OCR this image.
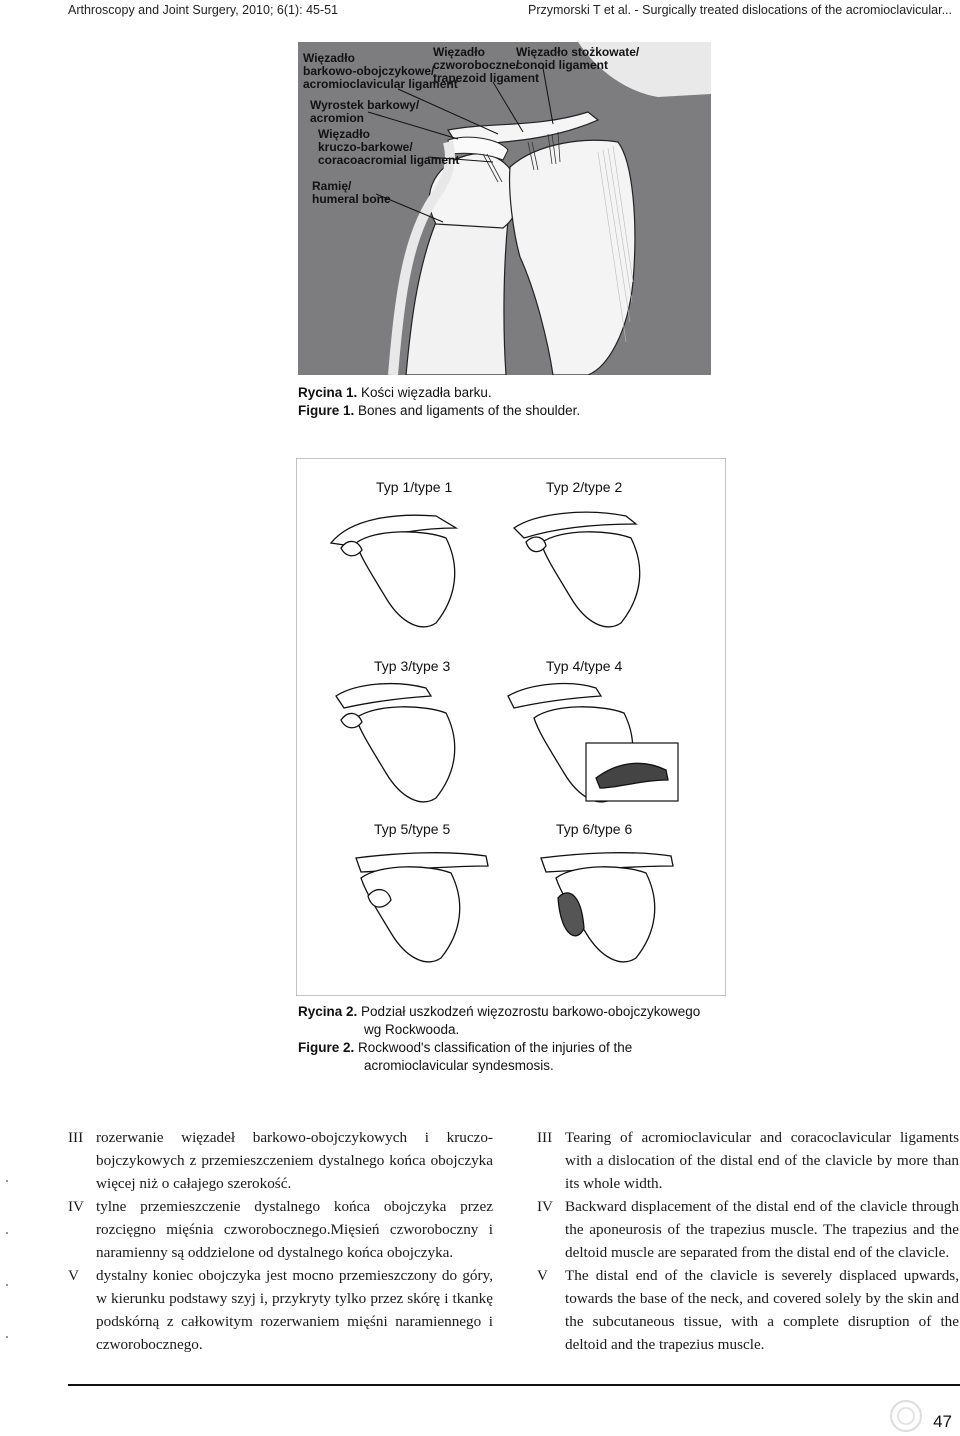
Arthroscopy and Joint Surgery, 2010; 6(1): 45-51	Przymorski T et al. - Surgically treated dislocations of the acromioclavicular...
Więzadło
barkowo-obojczykowe/
acromioclavicular ligament
Więzadło
czworoboczne/
trapezoid ligament
Więzadło stożkowate/
conoid ligament
Wyrostek barkowy/
acromion
Więzadło
kruczo-barkowe/
coracoacromial ligament
Ramię/
humeral bone
Rycina 1. Kości więzadła barku.
Figure 1. Bones and ligaments of the shoulder.
Typ 1/type 1	Typ 2/type 2
Typ 3/type 3	Typ 4/type 4
Typ 5/type 5	Typ 6/type 6
Rycina 2. Podział uszkodzeń więzozrostu barkowo-obojczykowego
wg Rockwooda.
Figure 2. Rockwood's classification of the injuries of the
acromioclavicular syndesmosis.
III rozerwanie więzadeł barkowo-obojczykowych i kruczo-bojczykowych z przemieszczeniem dystalnego końca obojczyka więcej niż o całajego szerokość.
IV tylne przemieszczenie dystalnego końca obojczyka przez rozcięgno mięśnia czworobocznego.Mięsień czworoboczny i naramienny są oddzielone od dystalnego końca obojczyka.
V dystalny koniec obojczyka jest mocno przemieszczony do góry, w kierunku podstawy szyj i, przykryty tylko przez skórę i tkankę podskórną z całkowitym rozerwaniem mięśni naramiennego i czworobocznego.
III Tearing of acromioclavicular and coracoclavicular ligaments with a dislocation of the distal end of the clavicle by more than its whole width.
IV Backward displacement of the distal end of the clavicle through the aponeurosis of the trapezius muscle. The trapezius and the deltoid muscle are separated from the distal end of the clavicle.
V The distal end of the clavicle is severely displaced upwards, towards the base of the neck, and covered solely by the skin and the subcutaneous tissue, with a complete disruption of the deltoid and the trapezius muscle.
47
